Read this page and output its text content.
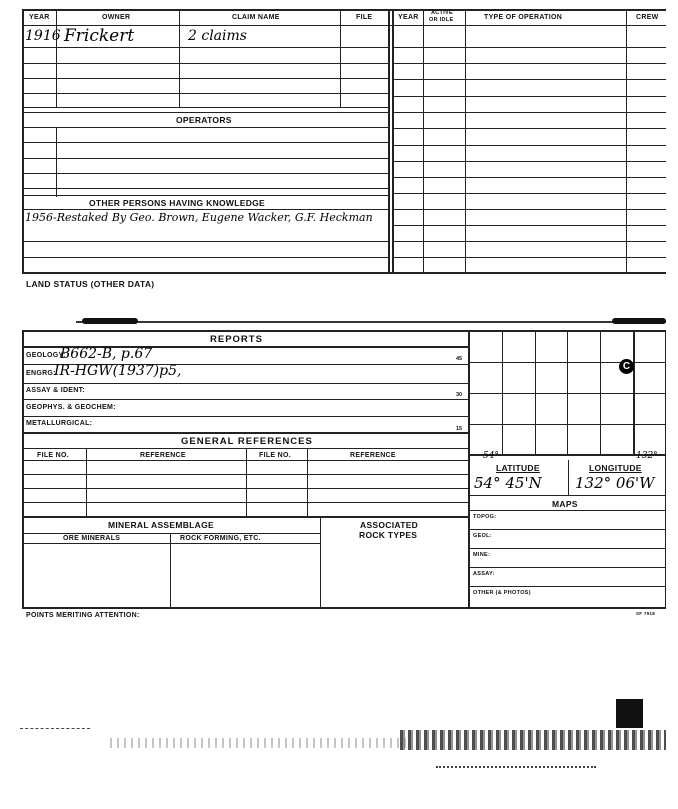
YEAR	OWNER	CLAIM NAME	FILE	YEAR
ACTIVE
OR IDLE	TYPE OF OPERATION	CREW
1916 Frickert	2 claims
OPERATORS
OTHER PERSONS HAVING KNOWLEDGE
1956-Restaked By Geo. Brown, Eugene Wacker, G.F. Heckman
LAND STATUS (OTHER DATA)
REPORTS
GEOLOGY:
B662-B, p.67	45
ENGRG:
IR-HGW(1937)p5,
ASSAY & IDENT:
30
GEOPHYS. & GEOCHEM:
METALLURGICAL:
15
GENERAL REFERENCES
FILE NO.	REFERENCE	FILE NO.	REFERENCE
MINERAL ASSEMBLAGE
ORE MINERALS	ROCK FORMING, ETC.
ASSOCIATED
ROCK TYPES
C
54°	132°
LATITUDE	LONGITUDE
54° 45'N 132° 06'W
MAPS
TOPOG:
GEOL:
MINE:
ASSAY:
OTHER (& PHOTOS)
POINTS MERITING ATTENTION:	SF 7918
